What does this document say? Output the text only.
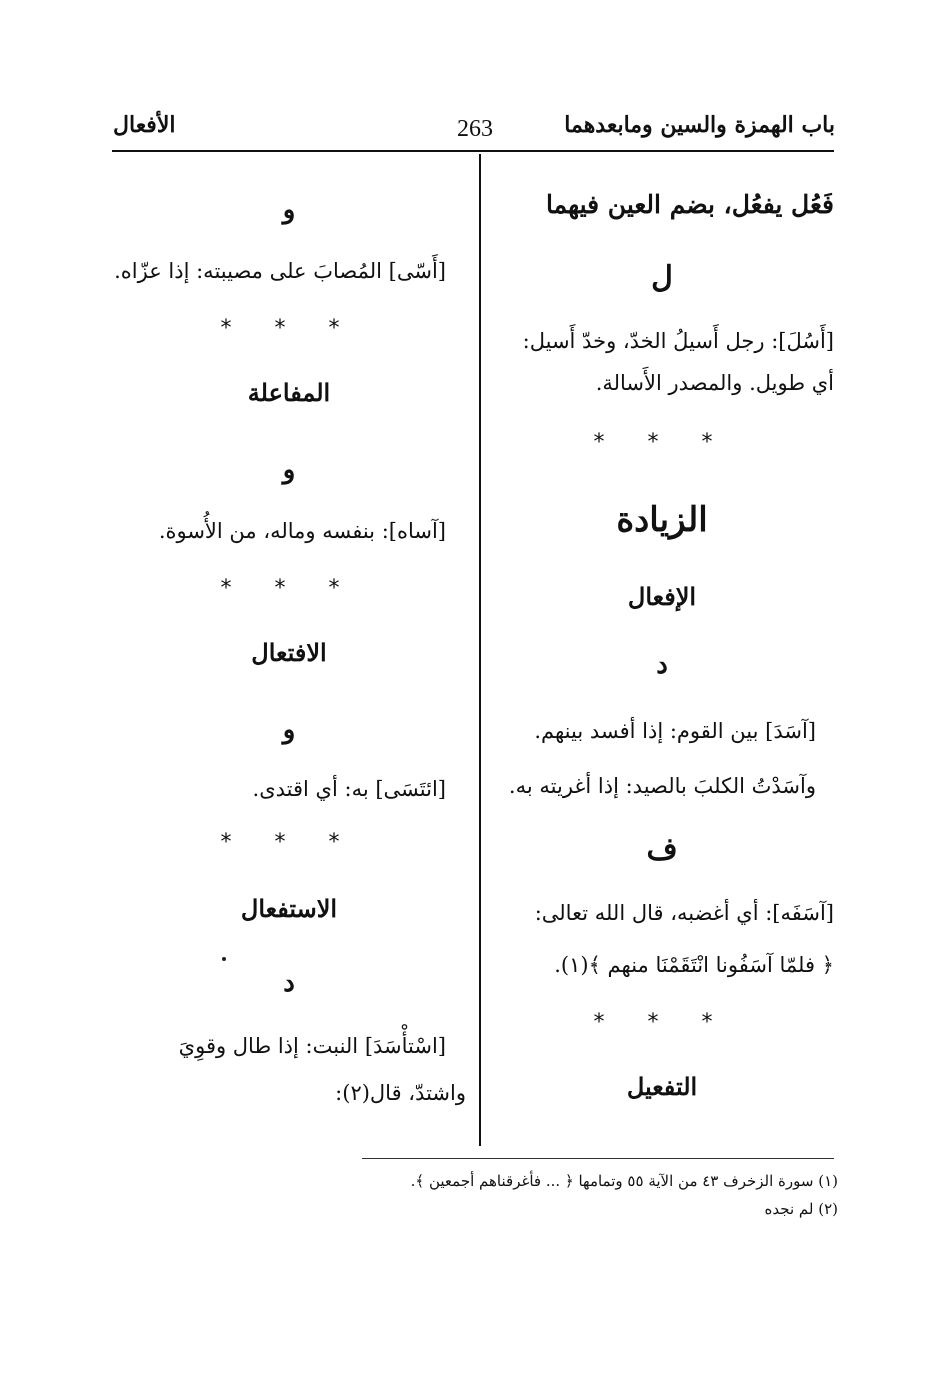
باب الهمزة والسين ومابعدهما
263
الأفعال
فَعُل يفعُل، بضم العين فيهما
ل
[أَسُلَ]: رجل أَسيلُ الخدّ، وخدّ أَسيل:
أي طويل. والمصدر الأَسالة.
* * *
الزيادة
الإفعال
د
[آسَدَ] بين القوم: إذا أفسد بينهم.
وآسَدْتُ الكلبَ بالصيد: إذا أغريته به.
ف
[آسَفَه]: أي أغضبه، قال الله تعالى:
﴿ فلمّا آسَفُونا انْتَقَمْنَا منهم ﴾(١).
* * *
التفعيل
و
[أَسّى] المُصابَ على مصيبته: إذا عزّاه.
* * *
المفاعلة
و
[آساه]: بنفسه وماله، من الأُسوة.
* * *
الافتعال
و
[ائتَسَى] به: أي اقتدى.
* * *
الاستفعال
د
[اسْتأْسَدَ] النبت: إذا طال وقوِيَ
واشتدّ، قال(٢):
(١) سورة الزخرف ٤٣ من الآية ٥٥ وتمامها ﴿ ... فأغرقناهم أجمعين ﴾.
(٢) لم نجده
